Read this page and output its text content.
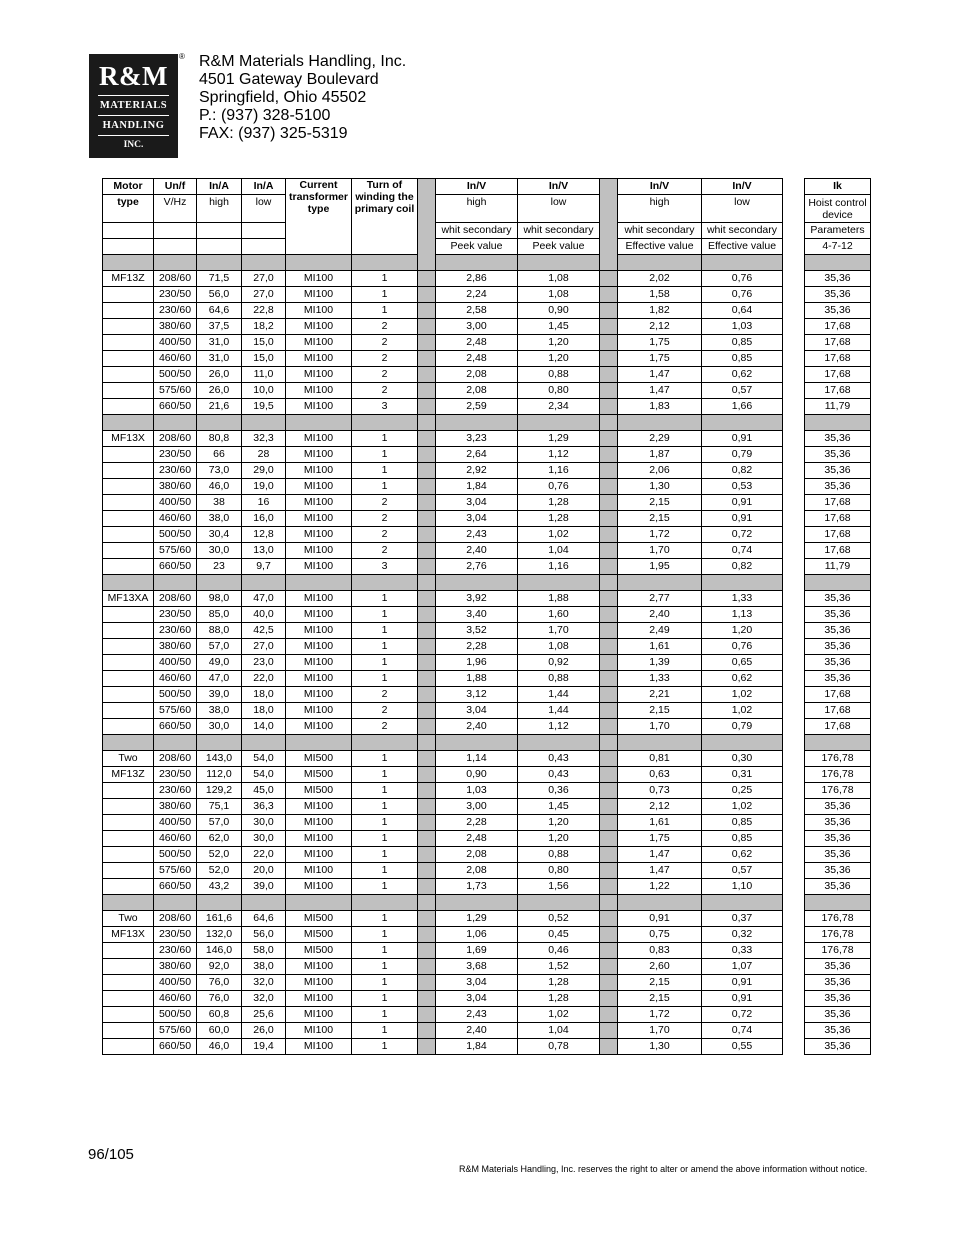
R&M
MATERIALS
HANDLING
INC.
® R&M Materials Handling, Inc.
4501 Gateway Boulevard
Springfield, Ohio 45502
P.: (937) 328-5100
FAX: (937) 325-5319
Motor	Un/f	In/A	In/A	Current transformer type	Turn of winding the primary coil		In/V	In/V		In/V	In/V		Ik
type	V/Hz	high	low				high	low		high	low		Hoist control device
							whit secondary	whit secondary		whit secondary	whit secondary		Parameters
							Peek value	Peek value		Effective value	Effective value		4-7-12

MF13Z	208/60	71,5	27,0	MI100	1		2,86	1,08		2,02	0,76		35,36
	230/50	56,0	27,0	MI100	1		2,24	1,08		1,58	0,76		35,36
	230/60	64,6	22,8	MI100	1		2,58	0,90		1,82	0,64		35,36
	380/60	37,5	18,2	MI100	2		3,00	1,45		2,12	1,03		17,68
	400/50	31,0	15,0	MI100	2		2,48	1,20		1,75	0,85		17,68
	460/60	31,0	15,0	MI100	2		2,48	1,20		1,75	0,85		17,68
	500/50	26,0	11,0	MI100	2		2,08	0,88		1,47	0,62		17,68
	575/60	26,0	10,0	MI100	2		2,08	0,80		1,47	0,57		17,68
	660/50	21,6	19,5	MI100	3		2,59	2,34		1,83	1,66		11,79

MF13X	208/60	80,8	32,3	MI100	1		3,23	1,29		2,29	0,91		35,36
	230/50	66	28	MI100	1		2,64	1,12		1,87	0,79		35,36
	230/60	73,0	29,0	MI100	1		2,92	1,16		2,06	0,82		35,36
	380/60	46,0	19,0	MI100	1		1,84	0,76		1,30	0,53		35,36
	400/50	38	16	MI100	2		3,04	1,28		2,15	0,91		17,68
	460/60	38,0	16,0	MI100	2		3,04	1,28		2,15	0,91		17,68
	500/50	30,4	12,8	MI100	2		2,43	1,02		1,72	0,72		17,68
	575/60	30,0	13,0	MI100	2		2,40	1,04		1,70	0,74		17,68
	660/50	23	9,7	MI100	3		2,76	1,16		1,95	0,82		11,79

MF13XA	208/60	98,0	47,0	MI100	1		3,92	1,88		2,77	1,33		35,36
	230/50	85,0	40,0	MI100	1		3,40	1,60		2,40	1,13		35,36
	230/60	88,0	42,5	MI100	1		3,52	1,70		2,49	1,20		35,36
	380/60	57,0	27,0	MI100	1		2,28	1,08		1,61	0,76		35,36
	400/50	49,0	23,0	MI100	1		1,96	0,92		1,39	0,65		35,36
	460/60	47,0	22,0	MI100	1		1,88	0,88		1,33	0,62		35,36
	500/50	39,0	18,0	MI100	2		3,12	1,44		2,21	1,02		17,68
	575/60	38,0	18,0	MI100	2		3,04	1,44		2,15	1,02		17,68
	660/50	30,0	14,0	MI100	2		2,40	1,12		1,70	0,79		17,68

Two	208/60	143,0	54,0	MI500	1		1,14	0,43		0,81	0,30		176,78
MF13Z	230/50	112,0	54,0	MI500	1		0,90	0,43		0,63	0,31		176,78
	230/60	129,2	45,0	MI500	1		1,03	0,36		0,73	0,25		176,78
	380/60	75,1	36,3	MI100	1		3,00	1,45		2,12	1,02		35,36
	400/50	57,0	30,0	MI100	1		2,28	1,20		1,61	0,85		35,36
	460/60	62,0	30,0	MI100	1		2,48	1,20		1,75	0,85		35,36
	500/50	52,0	22,0	MI100	1		2,08	0,88		1,47	0,62		35,36
	575/60	52,0	20,0	MI100	1		2,08	0,80		1,47	0,57		35,36
	660/50	43,2	39,0	MI100	1		1,73	1,56		1,22	1,10		35,36

Two	208/60	161,6	64,6	MI500	1		1,29	0,52		0,91	0,37		176,78
MF13X	230/50	132,0	56,0	MI500	1		1,06	0,45		0,75	0,32		176,78
	230/60	146,0	58,0	MI500	1		1,69	0,46		0,83	0,33		176,78
	380/60	92,0	38,0	MI100	1		3,68	1,52		2,60	1,07		35,36
	400/50	76,0	32,0	MI100	1		3,04	1,28		2,15	0,91		35,36
	460/60	76,0	32,0	MI100	1		3,04	1,28		2,15	0,91		35,36
	500/50	60,8	25,6	MI100	1		2,43	1,02		1,72	0,72		35,36
	575/60	60,0	26,0	MI100	1		2,40	1,04		1,70	0,74		35,36
	660/50	46,0	19,4	MI100	1		1,84	0,78		1,30	0,55		35,36
96/105
R&M Materials Handling, Inc. reserves the right to alter or amend the above information without notice.
